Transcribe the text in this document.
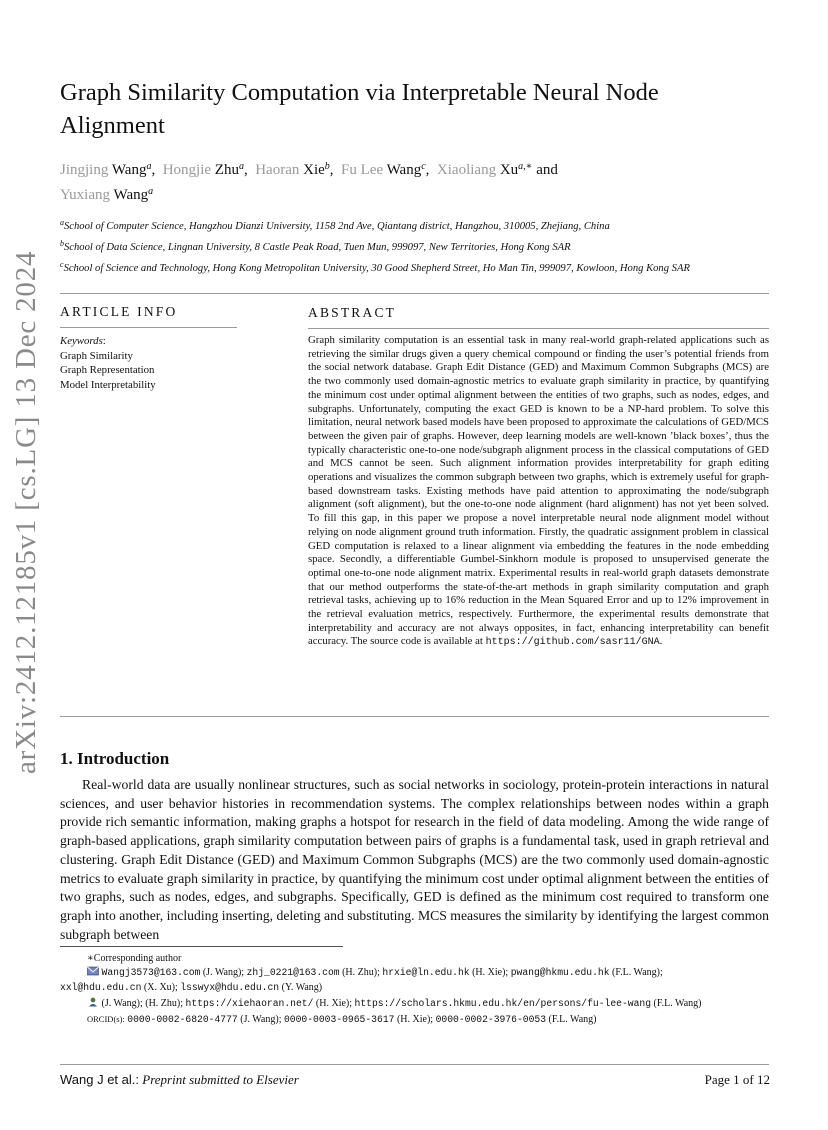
arXiv:2412.12185v1 [cs.LG] 13 Dec 2024
Graph Similarity Computation via Interpretable Neural Node Alignment
Jingjing Wang$^a$,  Hongjie Zhu$^a$,  Haoran Xie$^b$,  Fu Lee Wang$^c$,  Xiaoliang $Xu^{a,∗}$ and
Yuxiang Wang$^a$
$^a$School of Computer Science, Hangzhou Dianzi University, 1158 2nd Ave, Qiantang district, Hangzhou, 310005, Zhejiang, China
$^b$School of Data Science, Lingnan University, 8 Castle Peak Road, Tuen Mun, 999097, New Territories, Hong Kong SAR
$^c$School of Science and Technology, Hong Kong Metropolitan University, 30 Good Shepherd Street, Ho Man Tin, 999097, Kowloon, Hong Kong SAR
ARTICLE INFO	ABSTRACT
Keywords:
Graph Similarity
Graph Representation
Model Interpretability
Graph similarity computation is an essential task in many real-world graph-related applications such as retrieving the similar drugs given a query chemical compound or finding the user’s potential friends from the social network database. Graph Edit Distance (GED) and Maximum Common Subgraphs (MCS) are the two commonly used domain-agnostic metrics to evaluate graph similarity in practice, by quantifying the minimum cost under optimal alignment between the entities of two graphs, such as nodes, edges, and subgraphs. Unfortunately, computing the exact GED is known to be a NP-hard problem. To solve this limitation, neural network based models have been proposed to approximate the calculations of GED/MCS between the given pair of graphs. However, deep learning models are well-known ’black boxes’, thus the typically characteristic one-to-one node/subgraph alignment process in the classical computations of GED and MCS cannot be seen. Such alignment information provides interpretability for graph editing operations and visualizes the common subgraph between two graphs, which is extremely useful for graph-based downstream tasks. Existing methods have paid attention to approximating the node/subgraph alignment (soft alignment), but the one-to-one node alignment (hard alignment) has not yet been solved. To fill this gap, in this paper we propose a novel interpretable neural node alignment model without relying on node alignment ground truth information. Firstly, the quadratic assignment problem in classical GED computation is relaxed to a linear alignment via embedding the features in the node embedding space. Secondly, a differentiable Gumbel-Sinkhorn module is proposed to unsupervised generate the optimal one-to-one node alignment matrix. Experimental results in real-world graph datasets demonstrate that our method outperforms the state-of-the-art methods in graph similarity computation and graph retrieval tasks, achieving up to 16% reduction in the Mean Squared Error and up to 12% improvement in the retrieval evaluation metrics, respectively. Furthermore, the experimental results demonstrate that interpretability and accuracy are not always opposites, in fact, enhancing interpretability can benefit accuracy. The source code is available at https://github.com/sasr11/GNA.
1. Introduction
Real-world data are usually nonlinear structures, such as social networks in sociology, protein-protein interactions in natural sciences, and user behavior histories in recommendation systems. The complex relationships between nodes within a graph provide rich semantic information, making graphs a hotspot for research in the field of data modeling. Among the wide range of graph-based applications, graph similarity computation between pairs of graphs is a fundamental task, used in graph retrieval and clustering. Graph Edit Distance (GED) and Maximum Common Subgraphs (MCS) are the two commonly used domain-agnostic metrics to evaluate graph similarity in practice, by quantifying the minimum cost under optimal alignment between the entities of two graphs, such as nodes, edges, and subgraphs. Specifically, GED is defined as the minimum cost required to transform one graph into another, including inserting, deleting and substituting. MCS measures the similarity by identifying the largest common subgraph between
∗Corresponding author
Wangj3573@163.com (J. Wang); zhj_0221@163.com (H. Zhu); hrxie@ln.edu.hk (H. Xie); pwang@hkmu.edu.hk (F.L. Wang);
xxl@hdu.edu.cn (X. Xu); lsswyx@hdu.edu.cn (Y. Wang)
(J. Wang); (H. Zhu); https://xiehaoran.net/ (H. Xie); https://scholars.hkmu.edu.hk/en/persons/fu-lee-wang (F.L. Wang)
ORCID(s): 0000-0002-6820-4777 (J. Wang); 0000-0003-0965-3617 (H. Xie); 0000-0002-3976-0053 (F.L. Wang)
Wang J et al.: Preprint submitted to Elsevier	Page 1 of 12
